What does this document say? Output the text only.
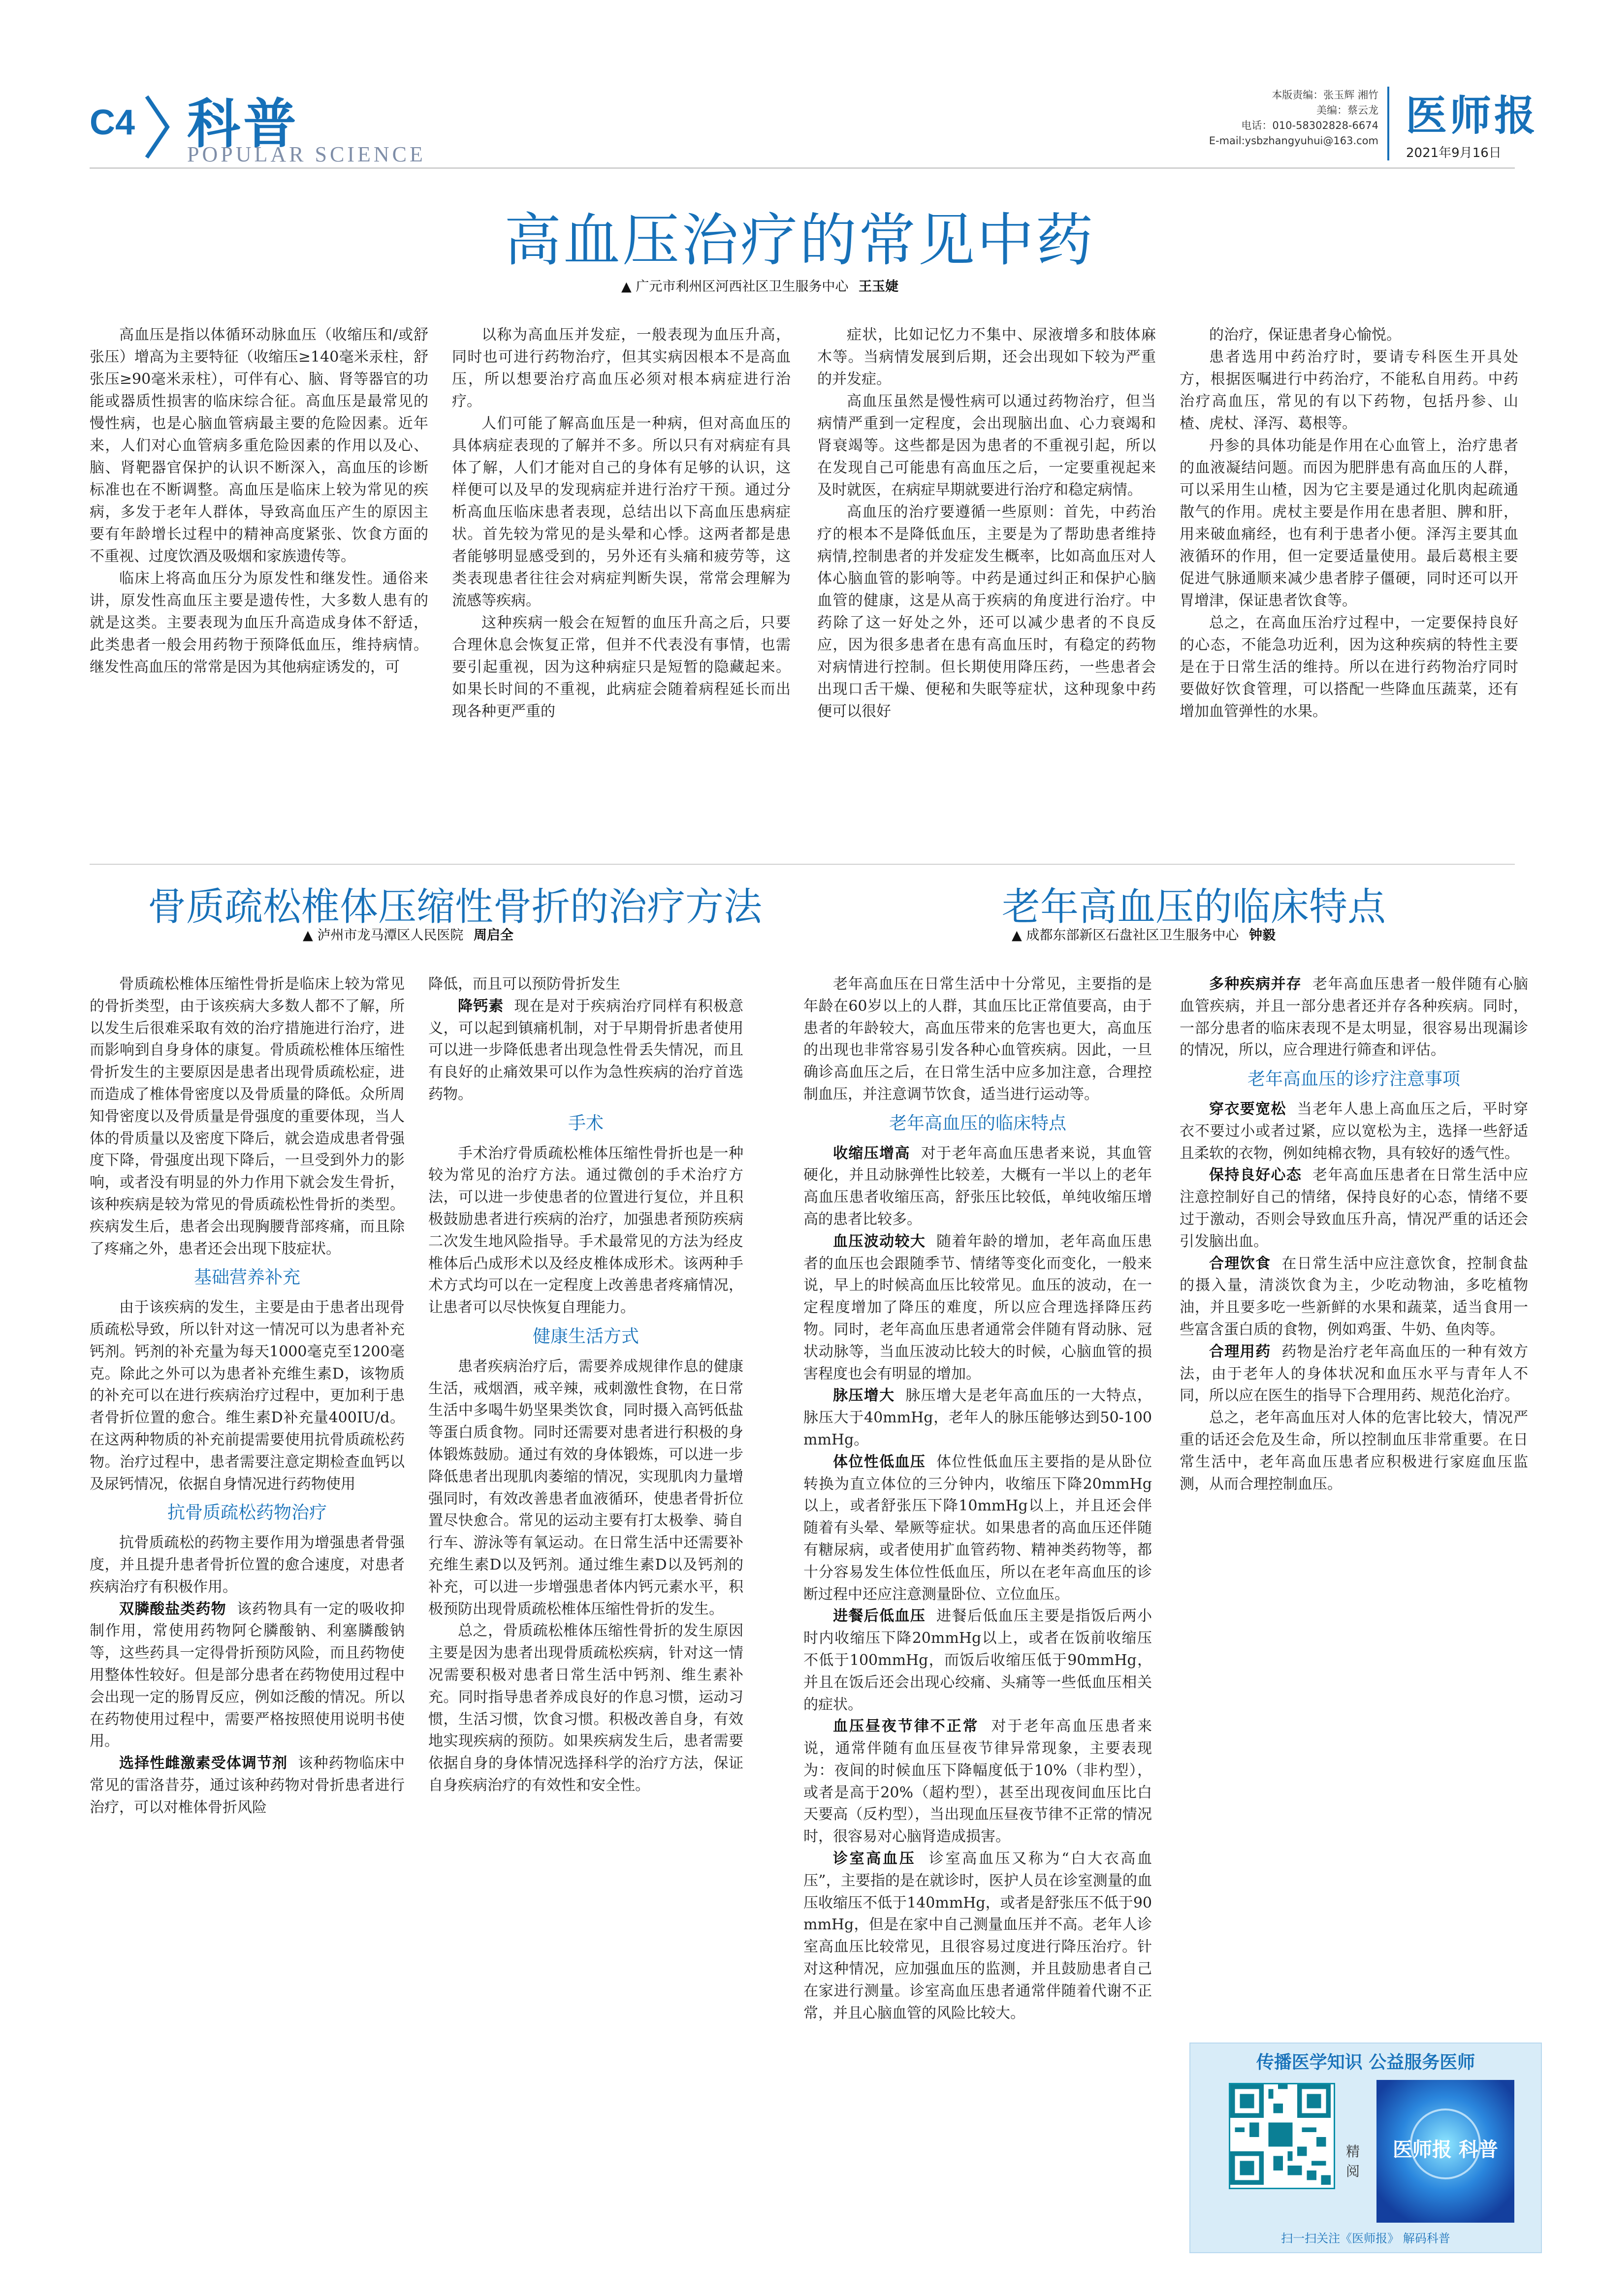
C4 科普
POPULAR SCIENCE
本版责编：张玉辉 湘竹
美编：蔡云龙
电话：010-58302828-6674
E-mail:ysbzhangyuhui@163.com
医师报
2021年9月16日
高血压治疗的常见中药
▲ 广元市利州区河西社区卫生服务中心 王玉婕

高血压是指以体循环动脉血压（收缩压和/或舒张压）增高为主要特征（收缩压≥140毫米汞柱，舒张压≥90毫米汞柱），可伴有心、脑、肾等器官的功能或器质性损害的临床综合征。高血压是最常见的慢性病，也是心脑血管病最主要的危险因素。近年来，人们对心血管病多重危险因素的作用以及心、脑、肾靶器官保护的认识不断深入，高血压的诊断标准也在不断调整。高血压是临床上较为常见的疾病，多发于老年人群体，导致高血压产生的原因主要有年龄增长过程中的精神高度紧张、饮食方面的不重视、过度饮酒及吸烟和家族遗传等。

临床上将高血压分为原发性和继发性。通俗来讲，原发性高血压主要是遗传性，大多数人患有的就是这类。主要表现为血压升高造成身体不舒适，此类患者一般会用药物于预降低血压，维持病情。继发性高血压的常常是因为其他病症诱发的，可

以称为高血压并发症，一般表现为血压升高，同时也可进行药物治疗，但其实病因根本不是高血压，所以想要治疗高血压必须对根本病症进行治疗。

人们可能了解高血压是一种病，但对高血压的具体病症表现的了解并不多。所以只有对病症有具体了解，人们才能对自己的身体有足够的认识，这样便可以及早的发现病症并进行治疗干预。通过分析高血压临床患者表现，总结出以下高血压患病症状。首先较为常见的是头晕和心悸。这两者都是患者能够明显感受到的，另外还有头痛和疲劳等，这类表现患者往往会对病症判断失误，常常会理解为流感等疾病。

这种疾病一般会在短暂的血压升高之后，只要合理休息会恢复正常，但并不代表没有事情，也需要引起重视，因为这种病症只是短暂的隐藏起来。如果长时间的不重视，此病症会随着病程延长而出现各种更严重的

症状，比如记忆力不集中、尿液增多和肢体麻木等。当病情发展到后期，还会出现如下较为严重的并发症。

高血压虽然是慢性病可以通过药物治疗，但当病情严重到一定程度，会出现脑出血、心力衰竭和肾衰竭等。这些都是因为患者的不重视引起，所以在发现自己可能患有高血压之后，一定要重视起来及时就医，在病症早期就要进行治疗和稳定病情。

高血压的治疗要遵循一些原则：首先，中药治疗的根本不是降低血压，主要是为了帮助患者维持病情,控制患者的并发症发生概率，比如高血压对人体心脑血管的影响等。中药是通过纠正和保护心脑血管的健康，这是从高于疾病的角度进行治疗。中药除了这一好处之外，还可以减少患者的不良反应，因为很多患者在患有高血压时，有稳定的药物对病情进行控制。但长期使用降压药，一些患者会出现口舌干燥、便秘和失眠等症状，这种现象中药便可以很好

的治疗，保证患者身心愉悦。

患者选用中药治疗时，要请专科医生开具处方，根据医嘱进行中药治疗，不能私自用药。中药治疗高血压，常见的有以下药物，包括丹参、山楂、虎杖、泽泻、葛根等。

丹参的具体功能是作用在心血管上，治疗患者的血液凝结问题。而因为肥胖患有高血压的人群，可以采用生山楂，因为它主要是通过化肌肉起疏通散气的作用。虎杖主要是作用在患者胆、脾和肝，用来破血痛经，也有利于患者小便。泽泻主要其血液循环的作用，但一定要适量使用。最后葛根主要促进气脉通顺来减少患者脖子僵硬，同时还可以开胃增津，保证患者饮食等。

总之，在高血压治疗过程中，一定要保持良好的心态，不能急功近利，因为这种疾病的特性主要是在于日常生活的维持。所以在进行药物治疗同时要做好饮食管理，可以搭配一些降血压蔬菜，还有增加血管弹性的水果。

骨质疏松椎体压缩性骨折的治疗方法
▲ 泸州市龙马潭区人民医院 周启全

骨质疏松椎体压缩性骨折是临床上较为常见的骨折类型，由于该疾病大多数人都不了解，所以发生后很难采取有效的治疗措施进行治疗，进而影响到自身身体的康复。骨质疏松椎体压缩性骨折发生的主要原因是患者出现骨质疏松症，进而造成了椎体骨密度以及骨质量的降低。众所周知骨密度以及骨质量是骨强度的重要体现，当人体的骨质量以及密度下降后，就会造成患者骨强度下降，骨强度出现下降后，一旦受到外力的影响，或者没有明显的外力作用下就会发生骨折，该种疾病是较为常见的骨质疏松性骨折的类型。疾病发生后，患者会出现胸腰背部疼痛，而且除了疼痛之外，患者还会出现下肢症状。

基础营养补充

由于该疾病的发生，主要是由于患者出现骨质疏松导致，所以针对这一情况可以为患者补充钙剂。钙剂的补充量为每天1000毫克至1200毫克。除此之外可以为患者补充维生素D，该物质的补充可以在进行疾病治疗过程中，更加利于患者骨折位置的愈合。维生素D补充量400IU/d。在这两种物质的补充前提需要使用抗骨质疏松药物。治疗过程中，患者需要注意定期检查血钙以及尿钙情况，依据自身情况进行药物使用

抗骨质疏松药物治疗

抗骨质疏松的药物主要作用为增强患者骨强度，并且提升患者骨折位置的愈合速度，对患者疾病治疗有积极作用。

双膦酸盐类药物 该药物具有一定的吸收抑制作用，常使用药物阿仑膦酸钠、利塞膦酸钠等，这些药具一定得骨折预防风险，而且药物使用整体性较好。但是部分患者在药物使用过程中会出现一定的肠胃反应，例如泛酸的情况。所以在药物使用过程中，需要严格按照使用说明书使用。

选择性雌激素受体调节剂 该种药物临床中常见的雷洛昔芬，通过该种药物对骨折患者进行治疗，可以对椎体骨折风险

降低，而且可以预防骨折发生

降钙素 现在是对于疾病治疗同样有积极意义，可以起到镇痛机制，对于早期骨折患者使用可以进一步降低患者出现急性骨丢失情况，而且有良好的止痛效果可以作为急性疾病的治疗首选药物。

手术

手术治疗骨质疏松椎体压缩性骨折也是一种较为常见的治疗方法。通过微创的手术治疗方法，可以进一步使患者的位置进行复位，并且积极鼓励患者进行疾病的治疗，加强患者预防疾病二次发生地风险指导。手术最常见的方法为经皮椎体后凸成形术以及经皮椎体成形术。该两种手术方式均可以在一定程度上改善患者疼痛情况，让患者可以尽快恢复自理能力。

健康生活方式

患者疾病治疗后，需要养成规律作息的健康生活，戒烟酒，戒辛辣，戒刺激性食物，在日常生活中多喝牛奶坚果类饮食，同时摄入高钙低盐等蛋白质食物。同时还需要对患者进行积极的身体锻炼鼓励。通过有效的身体锻炼，可以进一步降低患者出现肌肉萎缩的情况，实现肌肉力量增强同时，有效改善患者血液循环，使患者骨折位置尽快愈合。常见的运动主要有打太极拳、骑自行车、游泳等有氧运动。在日常生活中还需要补充维生素D以及钙剂。通过维生素D以及钙剂的补充，可以进一步增强患者体内钙元素水平，积极预防出现骨质疏松椎体压缩性骨折的发生。

总之，骨质疏松椎体压缩性骨折的发生原因主要是因为患者出现骨质疏松疾病，针对这一情况需要积极对患者日常生活中钙剂、维生素补充。同时指导患者养成良好的作息习惯，运动习惯，生活习惯，饮食习惯。积极改善自身，有效地实现疾病的预防。如果疾病发生后，患者需要依据自身的身体情况选择科学的治疗方法，保证自身疾病治疗的有效性和安全性。

老年高血压的临床特点
▲ 成都东部新区石盘社区卫生服务中心 钟毅

老年高血压在日常生活中十分常见，主要指的是年龄在60岁以上的人群，其血压比正常值要高，由于患者的年龄较大，高血压带来的危害也更大，高血压的出现也非常容易引发各种心血管疾病。因此，一旦确诊高血压之后，在日常生活中应多加注意，合理控制血压，并注意调节饮食，适当进行运动等。

老年高血压的临床特点

收缩压增高 对于老年高血压患者来说，其血管硬化，并且动脉弹性比较差，大概有一半以上的老年高血压患者收缩压高，舒张压比较低，单纯收缩压增高的患者比较多。

血压波动较大 随着年龄的增加，老年高血压患者的血压也会跟随季节、情绪等变化而变化，一般来说，早上的时候高血压比较常见。血压的波动，在一定程度增加了降压的难度，所以应合理选择降压药物。同时，老年高血压患者通常会伴随有肾动脉、冠状动脉等，当血压波动比较大的时候，心脑血管的损害程度也会有明显的增加。

脉压增大 脉压增大是老年高血压的一大特点，脉压大于40mmHg，老年人的脉压能够达到50-100mmHg。

体位性低血压 体位性低血压主要指的是从卧位转换为直立体位的三分钟内，收缩压下降20mmHg以上，或者舒张压下降10mmHg以上，并且还会伴随着有头晕、晕厥等症状。如果患者的高血压还伴随有糖尿病，或者使用扩血管药物、精神类药物等，都十分容易发生体位性低血压，所以在老年高血压的诊断过程中还应注意测量卧位、立位血压。

进餐后低血压 进餐后低血压主要是指饭后两小时内收缩压下降20mmHg以上，或者在饭前收缩压不低于100mmHg，而饭后收缩压低于90mmHg，并且在饭后还会出现心绞痛、头痛等一些低血压相关的症状。

血压昼夜节律不正常 对于老年高血压患者来说，通常伴随有血压昼夜节律异常现象，主要表现为：夜间的时候血压下降幅度低于10%（非杓型），或者是高于20%（超杓型），甚至出现夜间血压比白天要高（反杓型），当出现血压昼夜节律不正常的情况时，很容易对心脑肾造成损害。

诊室高血压 诊室高血压又称为“白大衣高血压”，主要指的是在就诊时，医护人员在诊室测量的血压收缩压不低于140mmHg，或者是舒张压不低于90mmHg，但是在家中自己测量血压并不高。老年人诊室高血压比较常见，且很容易过度进行降压治疗。针对这种情况，应加强血压的监测，并且鼓励患者自己在家进行测量。诊室高血压患者通常伴随着代谢不正常，并且心脑血管的风险比较大。

多种疾病并存 老年高血压患者一般伴随有心脑血管疾病，并且一部分患者还并存各种疾病。同时，一部分患者的临床表现不是太明显，很容易出现漏诊的情况，所以，应合理进行筛查和评估。

老年高血压的诊疗注意事项

穿衣要宽松 当老年人患上高血压之后，平时穿衣不要过小或者过紧，应以宽松为主，选择一些舒适且柔软的衣物，例如纯棉衣物，具有较好的透气性。

保持良好心态 老年高血压患者在日常生活中应注意控制好自己的情绪，保持良好的心态，情绪不要过于激动，否则会导致血压升高，情况严重的话还会引发脑出血。

合理饮食 在日常生活中应注意饮食，控制食盐的摄入量，清淡饮食为主，少吃动物油，多吃植物油，并且要多吃一些新鲜的水果和蔬菜，适当食用一些富含蛋白质的食物，例如鸡蛋、牛奶、鱼肉等。

合理用药 药物是治疗老年高血压的一种有效方法，由于老年人的身体状况和血压水平与青年人不同，所以应在医生的指导下合理用药、规范化治疗。

总之，老年高血压对人体的危害比较大，情况严重的话还会危及生命，所以控制血压非常重要。在日常生活中，老年高血压患者应积极进行家庭血压监测，从而合理控制血压。

传播医学知识 公益服务医师
精 阅
医师报 科普
扫一扫关注《医师报》 解码科普
